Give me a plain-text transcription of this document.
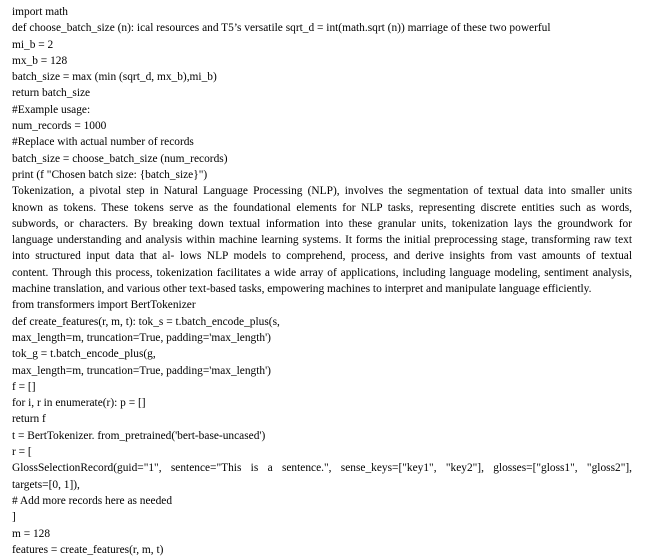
import math
def choose_batch_size (n): ical resources and T5’s versatile sqrt_d = int(math.sqrt (n)) marriage of these two powerful
mi_b = 2
mx_b = 128
batch_size = max (min (sqrt_d, mx_b),mi_b)
return batch_size
#Example usage:
num_records = 1000
#Replace with actual number of records
batch_size = choose_batch_size (num_records)
print (f "Chosen batch size: {batch_size}")
Tokenization, a pivotal step in Natural Language Processing (NLP), involves the segmentation of textual data into smaller units
known as tokens. These tokens serve as the foundational elements for NLP tasks, representing discrete entities such as words,
subwords, or characters. By breaking down textual information into these granular units, tokenization lays the groundwork for
language understanding and analysis within machine learning systems. It forms the initial preprocessing stage, transforming raw text
into structured input data that al- lows NLP models to comprehend, process, and derive insights from vast amounts of textual
content. Through this process, tokenization facilitates a wide array of applications, including language modeling, sentiment analysis,
machine translation, and various other text-based tasks, empowering machines to interpret and manipulate language efficiently.
from transformers import BertTokenizer
def create_features(r, m, t): tok_s = t.batch_encode_plus(s,
max_length=m, truncation=True, padding='max_length')
tok_g = t.batch_encode_plus(g,
max_length=m, truncation=True, padding='max_length')
f = []
for i, r in enumerate(r): p = []
return f
t = BertTokenizer. from_pretrained('bert-base-uncased')
r = [
GlossSelectionRecord(guid="1", sentence="This is a sentence.", sense_keys=["key1", "key2"], glosses=["gloss1", "gloss2"],
targets=[0, 1]),
# Add more records here as needed
]
m = 128
features = create_features(r, m, t)
